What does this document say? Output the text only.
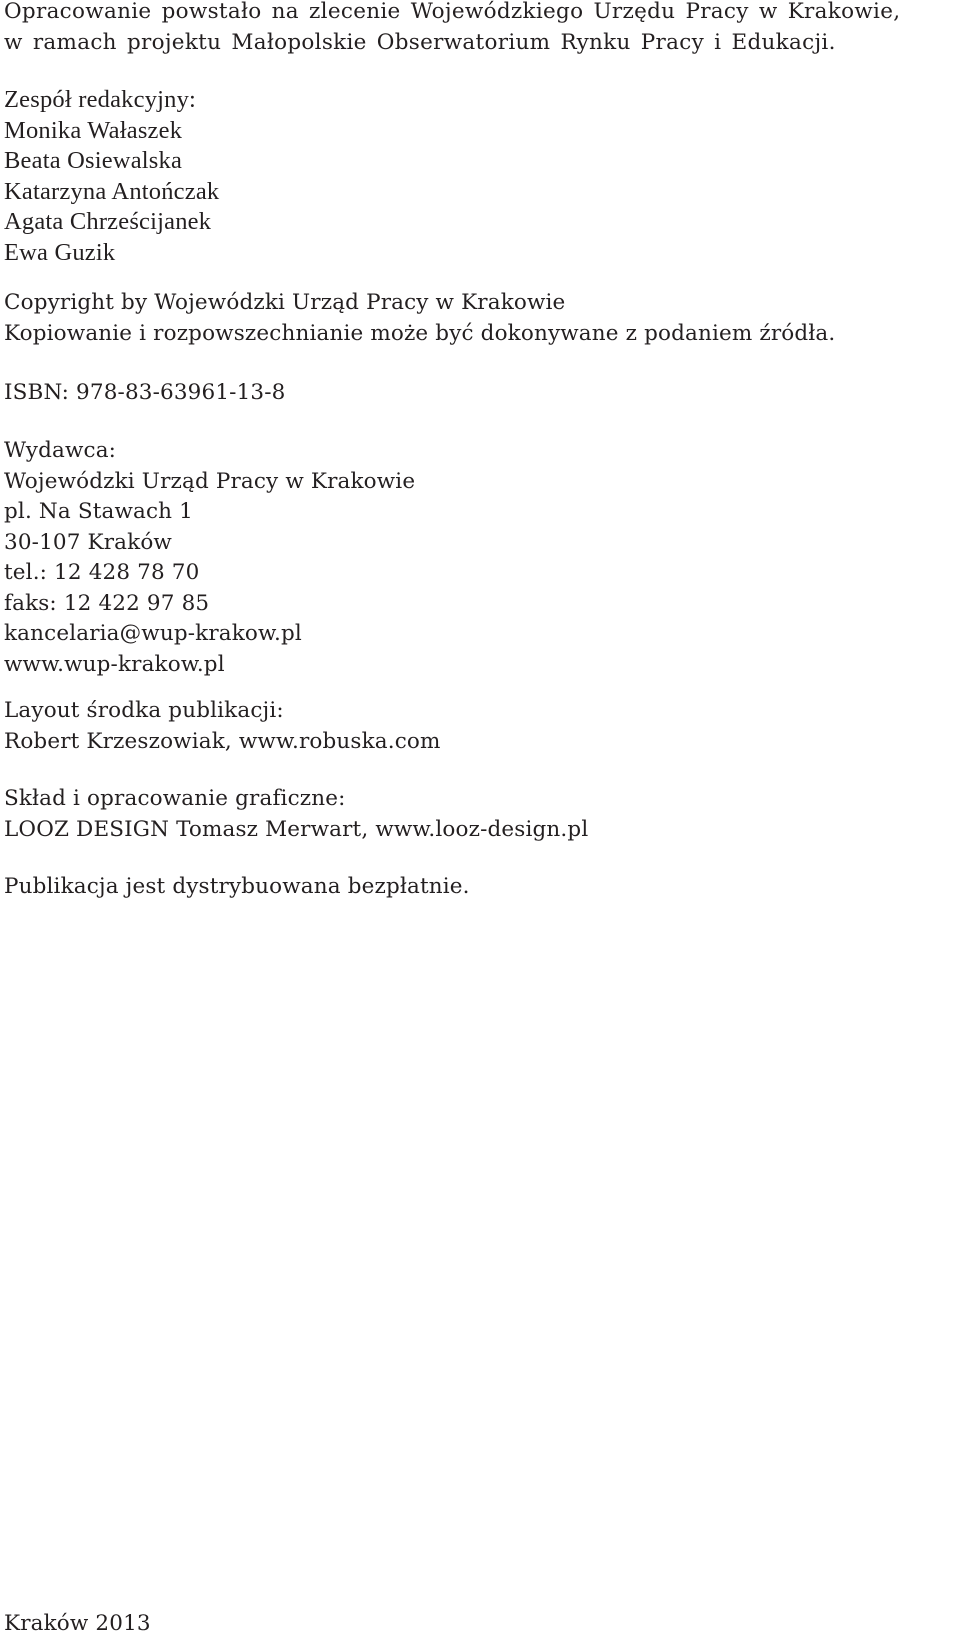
Opracowanie powstało na zlecenie Wojewódzkiego Urzędu Pracy w Krakowie,
w ramach projektu Małopolskie Obserwatorium Rynku Pracy i Edukacji.

Zespół redakcyjny:
Monika Wałaszek
Beata Osiewalska
Katarzyna Antończak
Agata Chrześcijanek
Ewa Guzik
Copyright by Wojewódzki Urząd Pracy w Krakowie
Kopiowanie i rozpowszechnianie może być dokonywane z podaniem źródła.
ISBN: 978-83-63961-13-8
Wydawca:
Wojewódzki Urząd Pracy w Krakowie
pl. Na Stawach 1
30-107 Kraków
tel.: 12 428 78 70
faks: 12 422 97 85
kancelaria@wup-krakow.pl
www.wup-krakow.pl
Layout środka publikacji:
Robert Krzeszowiak, www.robuska.com
Skład i opracowanie graficzne:
LOOZ DESIGN Tomasz Merwart, www.looz-design.pl
Publikacja jest dystrybuowana bezpłatnie.
Kraków 2013
